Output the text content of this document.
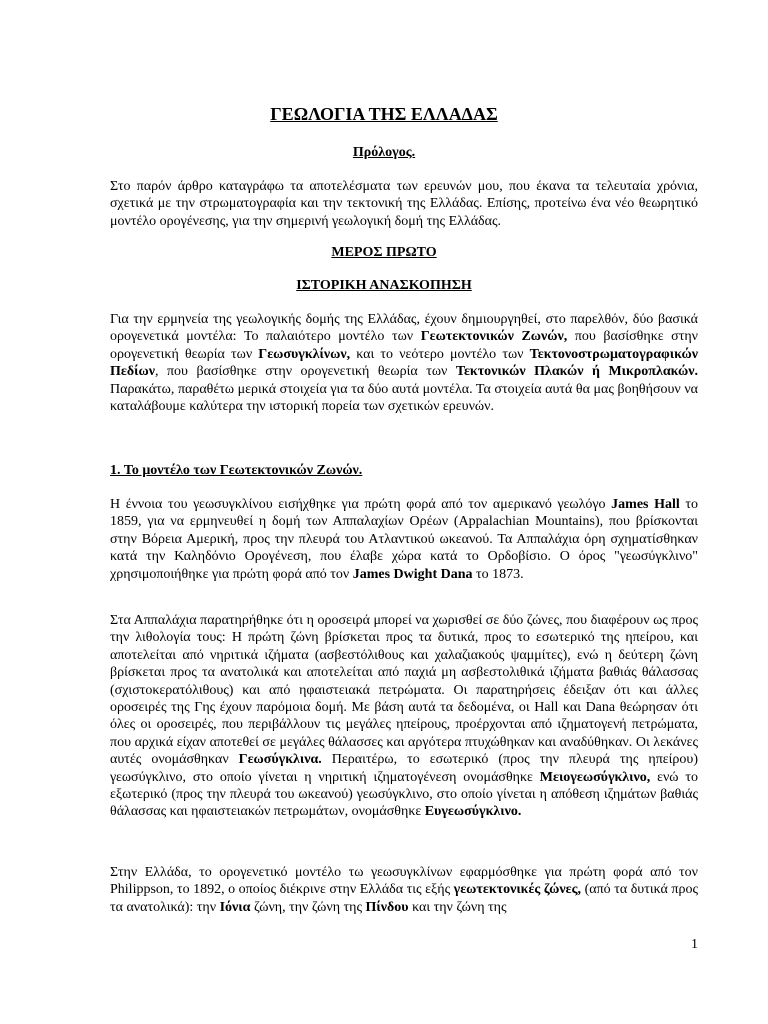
ΓΕΩΛΟΓΙΑ ΤΗΣ ΕΛΛΑΔΑΣ

Πρόλογος.

Στο παρόν άρθρο καταγράφω τα αποτελέσματα των ερευνών μου, που έκανα τα τελευταία χρόνια, σχετικά με την στρωματογραφία και την τεκτονική της Ελλάδας. Επίσης, προτείνω ένα νέο θεωρητικό μοντέλο ορογένεσης, για την σημερινή γεωλογική δομή της Ελλάδας.

ΜΕΡΟΣ ΠΡΩΤΟ

ΙΣΤΟΡΙΚΗ ΑΝΑΣΚΟΠΗΣΗ

Για την ερμηνεία της γεωλογικής δομής της Ελλάδας, έχουν δημιουργηθεί, στο παρελθόν, δύο βασικά ορογενετικά μοντέλα: Το παλαιότερο μοντέλο των Γεωτεκτονικών Ζωνών, που βασίσθηκε στην ορογενετική θεωρία των Γεωσυγκλίνων, και το νεότερο μοντέλο των Τεκτονοστρωματογραφικών Πεδίων, που βασίσθηκε στην ορογενετική θεωρία των Τεκτονικών Πλακών ή Μικροπλακών. Παρακάτω, παραθέτω μερικά στοιχεία για τα δύο αυτά μοντέλα. Τα στοιχεία αυτά θα μας βοηθήσουν να καταλάβουμε καλύτερα την ιστορική πορεία των σχετικών ερευνών.

1. Το μοντέλο των Γεωτεκτονικών Ζωνών.

Η έννοια του γεωσυγκλίνου εισήχθηκε για πρώτη φορά από τον αμερικανό γεωλόγο James Hall το 1859, για να ερμηνευθεί η δομή των Αππαλαχίων Ορέων (Appalachian Mountains), που βρίσκονται στην Βόρεια Αμερική, προς την πλευρά του Ατλαντικού ωκεανού. Τα Αππαλάχια όρη σχηματίσθηκαν κατά την Καληδόνιο Ορογένεση, που έλαβε χώρα κατά το Ορδοβίσιο. Ο όρος "γεωσύγκλινο" χρησιμοποιήθηκε για πρώτη φορά από τον James Dwight Dana το 1873.

Στα Αππαλάχια παρατηρήθηκε ότι η οροσειρά μπορεί να χωρισθεί σε δύο ζώνες, που διαφέρουν ως προς την λιθολογία τους: Η πρώτη ζώνη βρίσκεται προς τα δυτικά, προς το εσωτερικό της ηπείρου, και αποτελείται από νηριτικά ιζήματα (ασβεστόλιθους και χαλαζιακούς ψαμμίτες), ενώ η δεύτερη ζώνη βρίσκεται προς τα ανατολικά και αποτελείται από παχιά μη ασβεστολιθικά ιζήματα βαθιάς θάλασσας (σχιστοκερατόλιθους) και από ηφαιστειακά πετρώματα. Οι παρατηρήσεις έδειξαν ότι και άλλες οροσειρές της Γης έχουν παρόμοια δομή. Με βάση αυτά τα δεδομένα, οι Hall και Dana θεώρησαν ότι όλες οι οροσειρές, που περιβάλλουν τις μεγάλες ηπείρους, προέρχονται από ιζηματογενή πετρώματα, που αρχικά είχαν αποτεθεί σε μεγάλες θάλασσες και αργότερα πτυχώθηκαν και αναδύθηκαν. Οι λεκάνες αυτές ονομάσθηκαν Γεωσύγκλινα. Περαιτέρω, το εσωτερικό (προς την πλευρά της ηπείρου) γεωσύγκλινο, στο οποίο γίνεται η νηριτική ιζηματογένεση ονομάσθηκε Μειογεωσύγκλινο, ενώ το εξωτερικό (προς την πλευρά του ωκεανού) γεωσύγκλινο, στο οποίο γίνεται η απόθεση ιζημάτων βαθιάς θάλασσας και ηφαιστειακών πετρωμάτων, ονομάσθηκε Ευγεωσύγκλινο.

Στην Ελλάδα, το ορογενετικό μοντέλο τω γεωσυγκλίνων εφαρμόσθηκε για πρώτη φορά από τον Philippson, το 1892, ο οποίος διέκρινε στην Ελλάδα τις εξής γεωτεκτονικές ζώνες, (από τα δυτικά προς τα ανατολικά): την Ιόνια ζώνη, την ζώνη της Πίνδου και την ζώνη της

1
